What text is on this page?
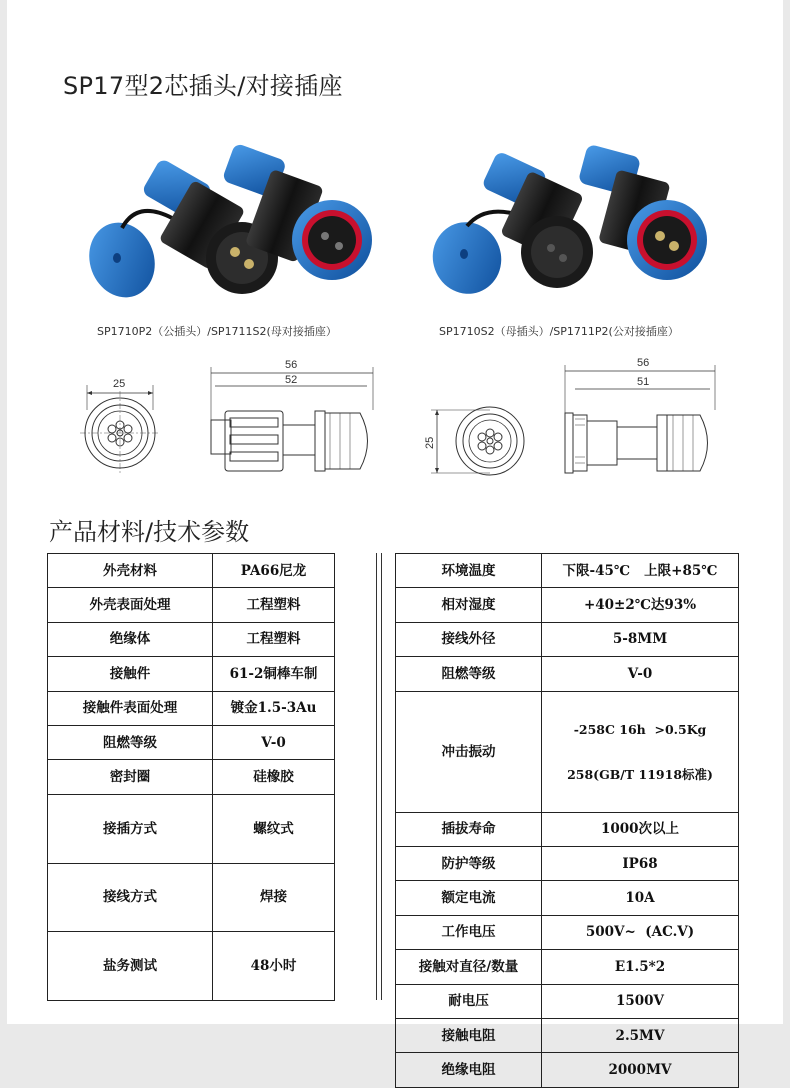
SP17型2芯插头/对接插座
SP1710P2（公插头）/SP1711S2(母对接插座）	SP1710S2（母插头）/SP1711P2(公对接插座）
25
56
52
25
56
51
产品材料/技术参数
外壳材料	PA66尼龙
外壳表面处理	工程塑料
绝缘体	工程塑料
接触件	61-2铜棒车制
接触件表面处理	镀金1.5-3Au
阻燃等级	V-0
密封圈	硅橡胶
接插方式	螺纹式
接线方式	焊接
盐务测试	48小时
环境温度	下限-45℃   上限+85℃
相对湿度	+40±2℃达93%
接线外径	5-8MM
阻燃等级	V-0
冲击振动	-258C 16h  >0.5Kg

258(GB/T 11918标准)

插拔寿命	1000次以上
防护等级	IP68
额定电流	10A
工作电压	500V~  (AC.V)
接触对直径/数量	E1.5*2
耐电压	1500V
接触电阻	2.5MV
绝缘电阻	2000MV
